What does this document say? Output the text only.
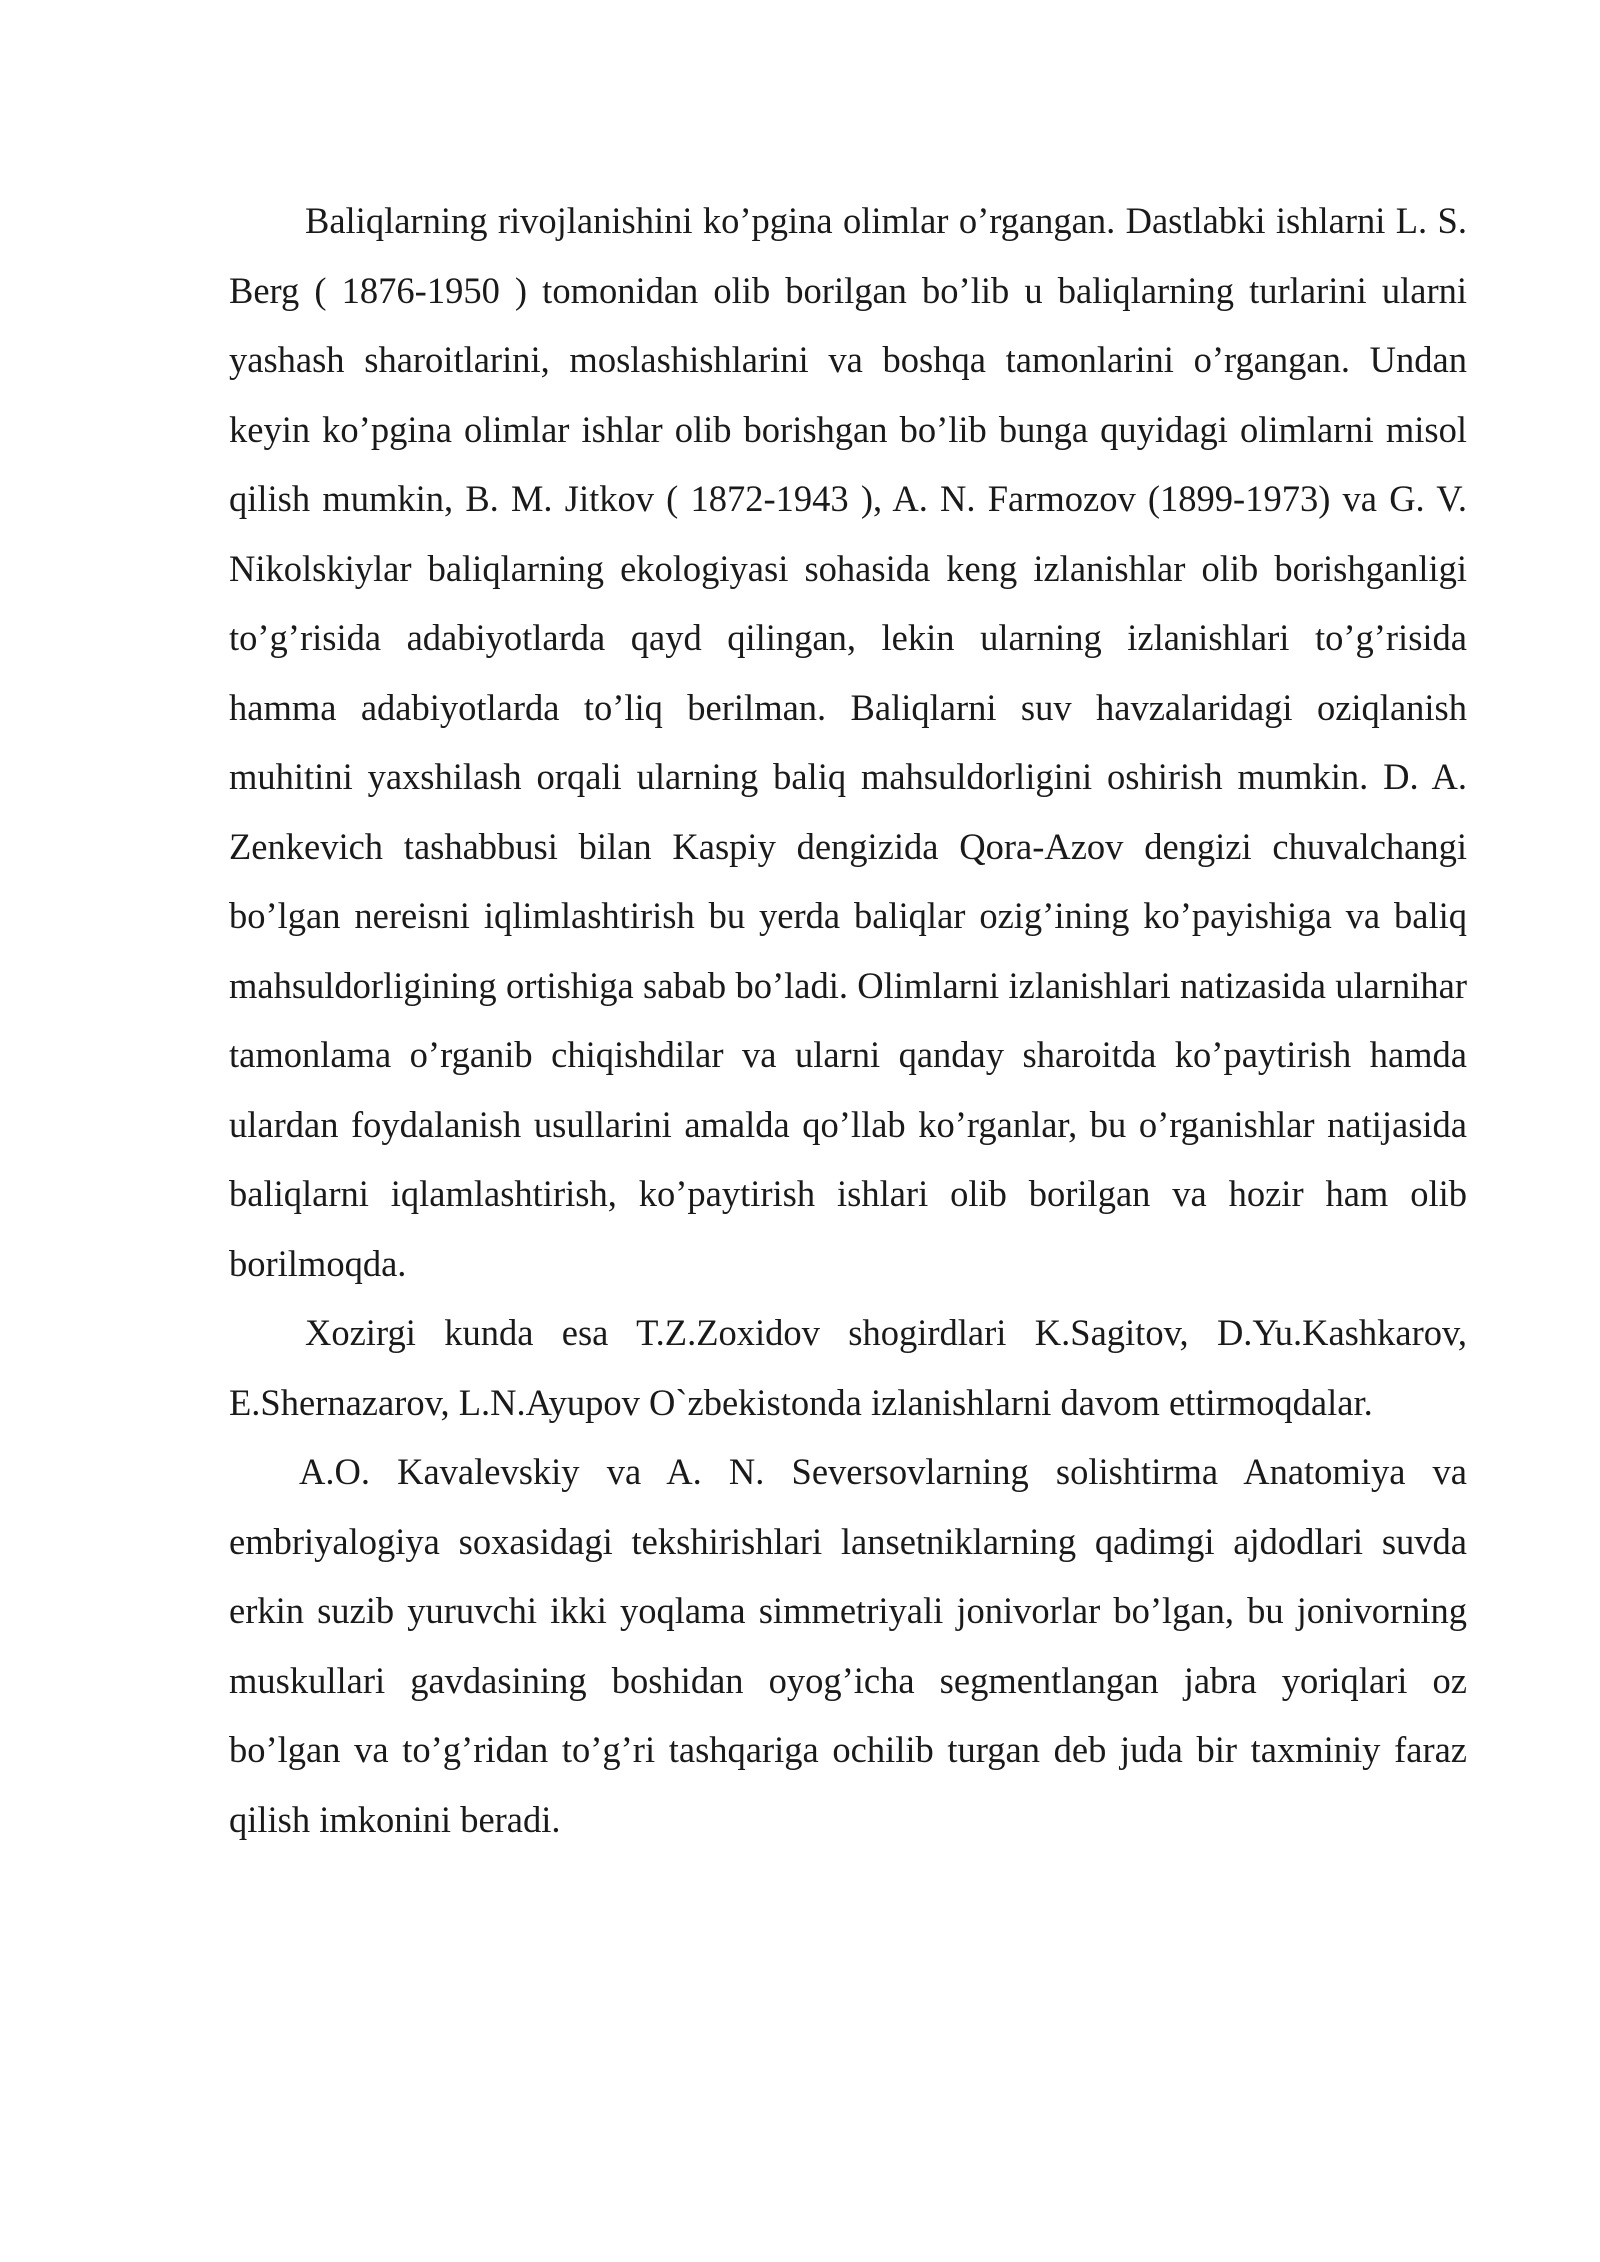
Baliqlarning rivojlanishini ko’pgina olimlar o’rgangan. Dastlabki ishlarni L. S. Berg ( 1876-1950 ) tomonidan olib borilgan bo’lib u baliqlarning turlarini ularni yashash sharoitlarini, moslashishlarini va boshqa tamonlarini o’rgangan. Undan keyin ko’pgina olimlar ishlar olib borishgan bo’lib bunga quyidagi olimlarni misol qilish mumkin, B. M. Jitkov ( 1872-1943 ), A. N. Farmozov (1899-1973) va G. V. Nikolskiylar baliqlarning ekologiyasi sohasida keng izlanishlar olib borishganligi to’g’risida adabiyotlarda qayd qilingan, lekin ularning izlanishlari to’g’risida hamma adabiyotlarda to’liq berilman. Baliqlarni suv havzalaridagi oziqlanish muhitini yaxshilash orqali ularning baliq mahsuldorligini oshirish mumkin. D. A. Zenkevich tashabbusi bilan Kaspiy dengizida Qora-Azov dengizi chuvalchangi bo’lgan nereisni iqlimlashtirish bu yerda baliqlar ozig’ining ko’payishiga va baliq mahsuldorligining ortishiga sabab bo’ladi. Olimlarni izlanishlari natizasida ularnihar tamonlama o’rganib chiqishdilar va ularni qanday sharoitda ko’paytirish hamda ulardan foydalanish usullarini amalda qo’llab ko’rganlar, bu o’rganishlar natijasida baliqlarni iqlamlashtirish, ko’paytirish ishlari olib borilgan va hozir ham olib borilmoqda.

Xozirgi kunda esa T.Z.Zoxidov shogirdlari K.Sagitov, D.Yu.Kashkarov, E.Shernazarov, L.N.Ayupov O`zbekistonda izlanishlarni davom ettirmoqdalar.

A.O. Kavalevskiy va A. N. Seversovlarning solishtirma Anatomiya va embriyalogiya soxasidagi tekshirishlari lansetniklarning qadimgi ajdodlari suvda erkin suzib yuruvchi ikki yoqlama simmetriyali jonivorlar bo’lgan, bu jonivorning muskullari gavdasining boshidan oyog’icha segmentlangan jabra yoriqlari oz bo’lgan va to’g’ridan to’g’ri tashqariga ochilib turgan deb juda bir taxminiy faraz qilish imkonini beradi.
